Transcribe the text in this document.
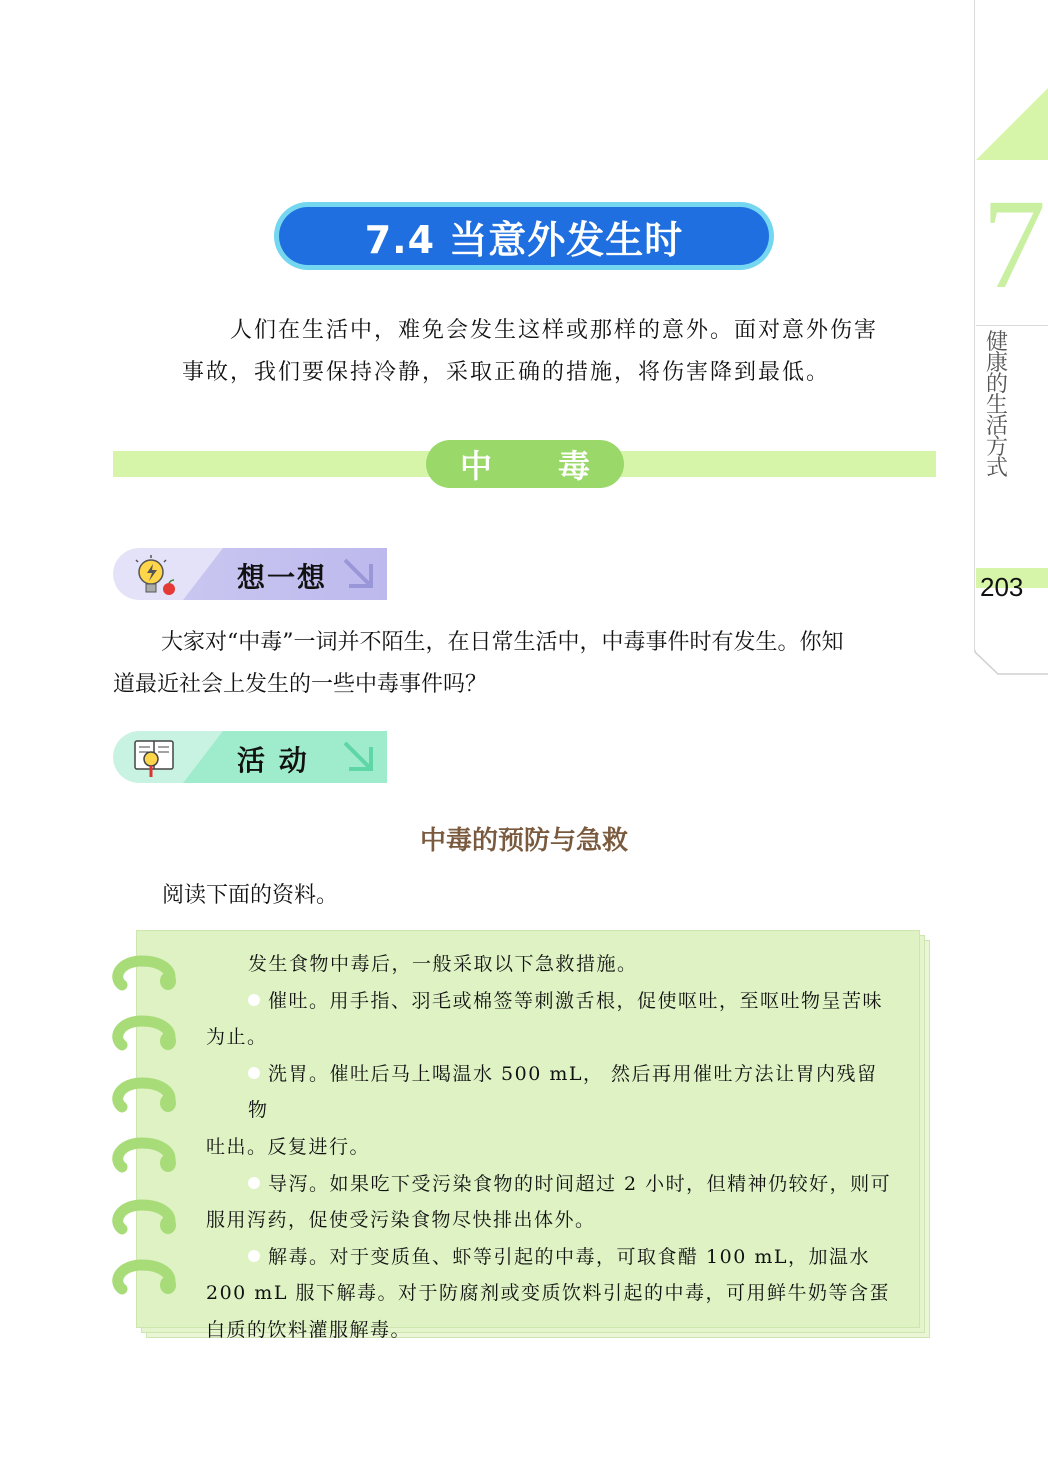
7
健康的生活方式
203
7.4 当意外发生时

人们在生活中，难免会发生这样或那样的意外。面对意外伤害

事故，我们要保持冷静，采取正确的措施，将伤害降到最低。

中 毒
想一想

大家对“中毒”一词并不陌生，在日常生活中，中毒事件时有发生。你知

道最近社会上发生的一些中毒事件吗？

活 动
中毒的预防与急救
阅读下面的资料。

发生食物中毒后，一般采取以下急救措施。

催吐。用手指、羽毛或棉签等刺激舌根，促使呕吐，至呕吐物呈苦味

为止。

洗胃。催吐后马上喝温水 500 mL， 然后再用催吐方法让胃内残留物

吐出。反复进行。

导泻。如果吃下受污染食物的时间超过 2 小时，但精神仍较好，则可

服用泻药，促使受污染食物尽快排出体外。

解毒。对于变质鱼、虾等引起的中毒，可取食醋 100 mL，加温水

200 mL 服下解毒。对于防腐剂或变质饮料引起的中毒，可用鲜牛奶等含蛋

白质的饮料灌服解毒。
